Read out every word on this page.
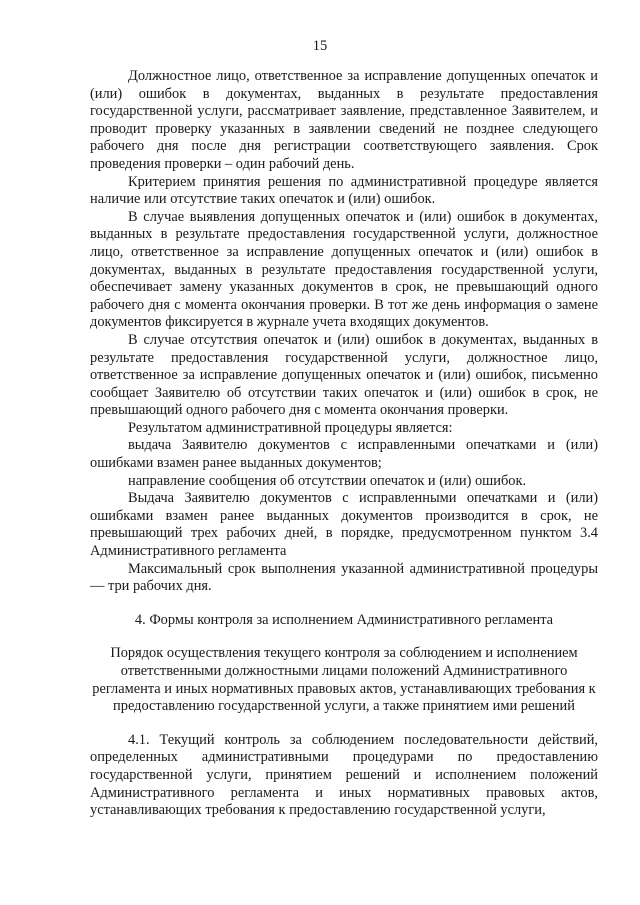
15

Должностное лицо, ответственное за исправление допущенных опечаток и (или) ошибок в документах, выданных в результате предоставления государственной услуги, рассматривает заявление, представленное Заявителем, и проводит проверку указанных в заявлении сведений не позднее следующего рабочего дня после дня регистрации соответствующего заявления. Срок проведения проверки – один рабочий день.

Критерием принятия решения по административной процедуре является наличие или отсутствие таких опечаток и (или) ошибок.

В случае выявления допущенных опечаток и (или) ошибок в документах, выданных в результате предоставления государственной услуги, должностное лицо, ответственное за исправление допущенных опечаток и (или) ошибок в документах, выданных в результате предоставления государственной услуги, обеспечивает замену указанных документов в срок, не превышающий одного рабочего дня с момента окончания проверки. В тот же день информация о замене документов фиксируется в журнале учета входящих документов.

В случае отсутствия опечаток и (или) ошибок в документах, выданных в результате предоставления государственной услуги, должностное лицо, ответственное за исправление допущенных опечаток и (или) ошибок, письменно сообщает Заявителю об отсутствии таких опечаток и (или) ошибок в срок, не превышающий одного рабочего дня с момента окончания проверки.

Результатом административной процедуры является:

выдача Заявителю документов с исправленными опечатками и (или) ошибками взамен ранее выданных документов;

направление сообщения об отсутствии опечаток и (или) ошибок.

Выдача Заявителю документов с исправленными опечатками и (или) ошибками взамен ранее выданных документов производится в срок, не превышающий трех рабочих дней, в порядке, предусмотренном пунктом 3.4 Административного регламента

Максимальный срок выполнения указанной административной процедуры — три рабочих дня.

4. Формы контроля за исполнением Административного регламента

Порядок осуществления текущего контроля за соблюдением и исполнением ответственными должностными лицами положений Административного регламента и иных нормативных правовых актов, устанавливающих требования к предоставлению государственной услуги, а также принятием ими решений

4.1. Текущий контроль за соблюдением последовательности действий, определенных административными процедурами по предоставлению государственной услуги, принятием решений и исполнением положений Административного регламента и иных нормативных правовых актов, устанавливающих требования к предоставлению государственной услуги,
